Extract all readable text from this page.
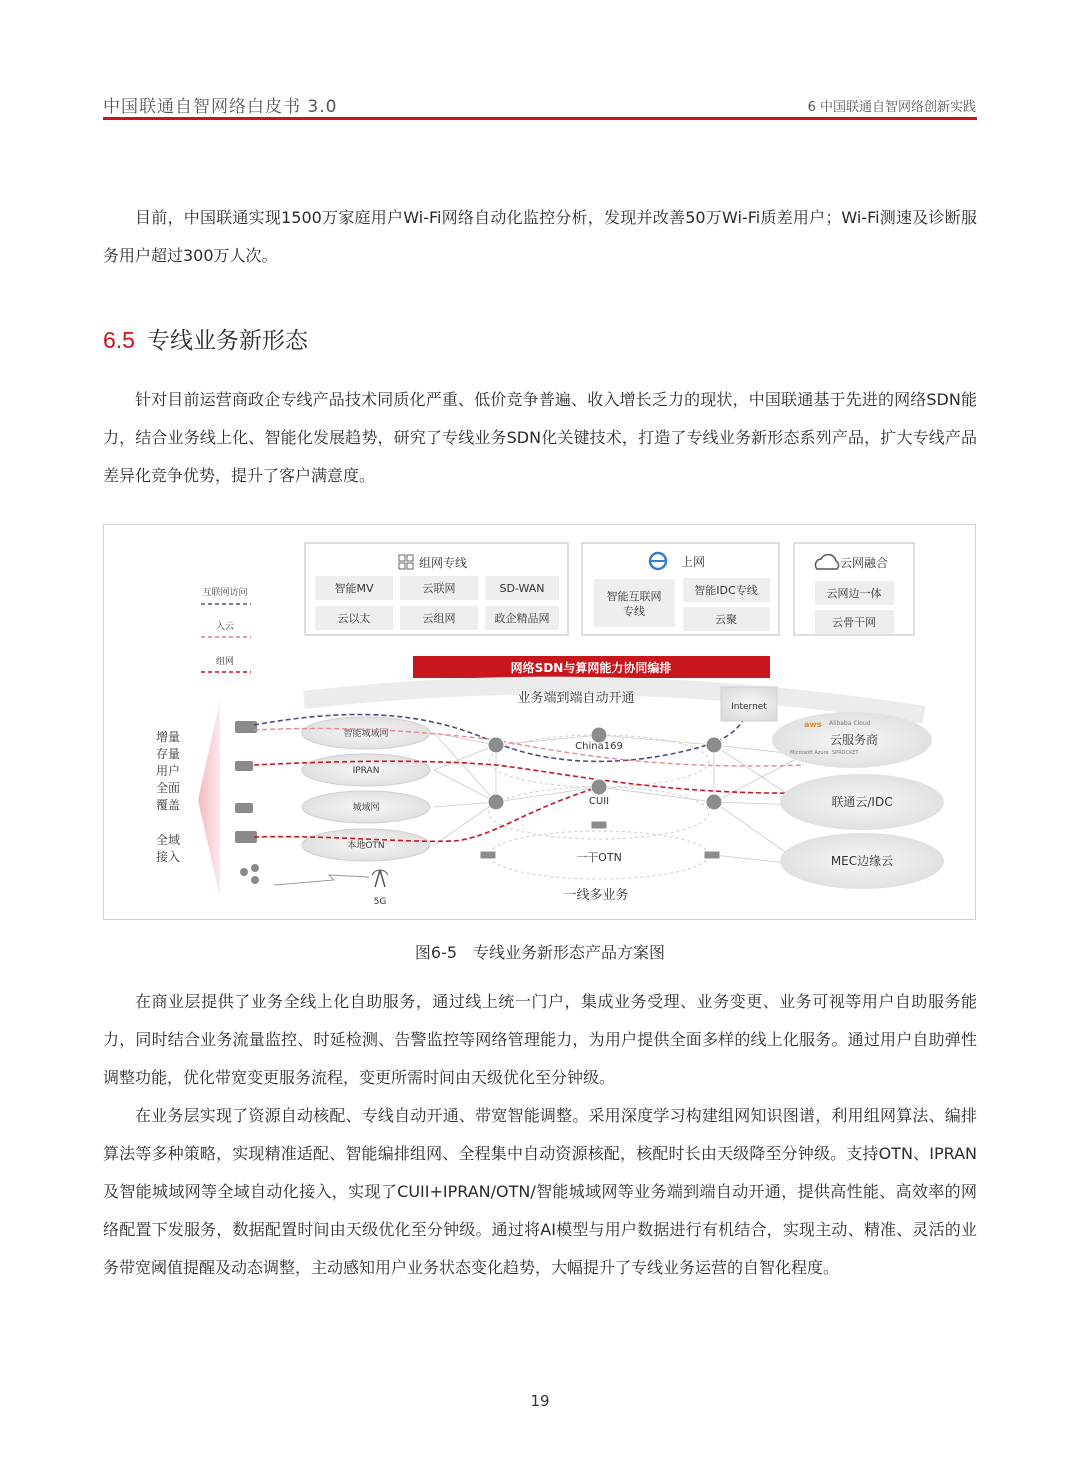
中国联通自智网络白皮书 3.0	6 中国联通自智网络创新实践

目前，中国联通实现1500万家庭用户Wi-Fi网络自动化监控分析，发现并改善50万Wi-Fi质差用户；Wi-Fi测速及诊断服务用户超过300万人次。

6.5 专线业务新形态

针对目前运营商政企专线产品技术同质化严重、低价竞争普遍、收入增长乏力的现状，中国联通基于先进的网络SDN能力，结合业务线上化、智能化发展趋势，研究了专线业务SDN化关键技术，打造了专线业务新形态系列产品，扩大专线产品差异化竞争优势，提升了客户满意度。

互联网访问
入云
组网
组网专线
智能MV	云联网	SD-WAN
云以太	云组网	政企精品网
上网
智能互联网专线
智能IDC专线
云聚
云网融合
云网边一体
云骨干网
网络SDN与算网能力协同编排
业务端到端自动开通
增量 存量 用户 全面 覆盖 全域 接入
5G
智能城域网
IPRAN
城域网
本地OTN
China169
CUII
一干OTN
Internet
aws Alibaba Cloud
Microsoft Azure SPROCKET
云服务商
联通云/IDC
MEC边缘云
一线多业务
图6-5　专线业务新形态产品方案图

在商业层提供了业务全线上化自助服务，通过线上统一门户，集成业务受理、业务变更、业务可视等用户自助服务能力，同时结合业务流量监控、时延检测、告警监控等网络管理能力，为用户提供全面多样的线上化服务。通过用户自助弹性调整功能，优化带宽变更服务流程，变更所需时间由天级优化至分钟级。

在业务层实现了资源自动核配、专线自动开通、带宽智能调整。采用深度学习构建组网知识图谱，利用组网算法、编排算法等多种策略，实现精准适配、智能编排组网、全程集中自动资源核配，核配时长由天级降至分钟级。支持OTN、IPRAN及智能城域网等全域自动化接入，实现了CUII+IPRAN/OTN/智能城域网等业务端到端自动开通，提供高性能、高效率的网络配置下发服务，数据配置时间由天级优化至分钟级。通过将AI模型与用户数据进行有机结合，实现主动、精准、灵活的业务带宽阈值提醒及动态调整，主动感知用户业务状态变化趋势，大幅提升了专线业务运营的自智化程度。

19
